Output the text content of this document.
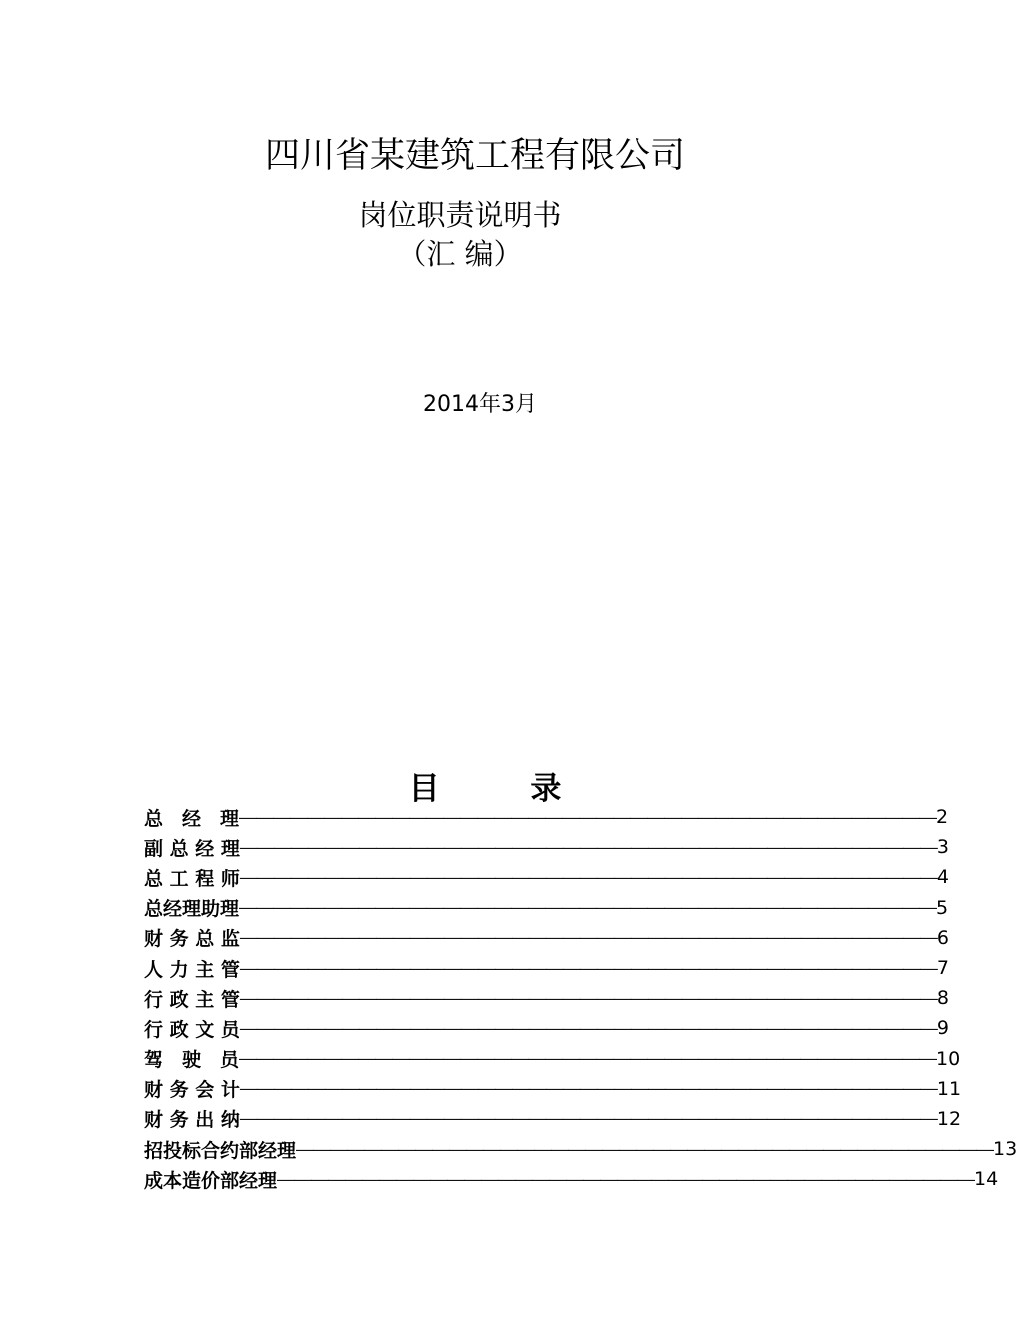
四川省某建筑工程有限公司
岗位职责说明书
（汇 编）
2014年3月
目 录
总　经　理 ――――――――――――――――――――――――――――――――――――――――― 2
副 总 经 理 ――――――――――――――――――――――――――――――――――――――――― 3
总 工 程 师 ――――――――――――――――――――――――――――――――――――――――― 4
总经理助理 ――――――――――――――――――――――――――――――――――――――――― 5
财 务 总 监 ――――――――――――――――――――――――――――――――――――――――― 6
人 力 主 管 ――――――――――――――――――――――――――――――――――――――――― 7
行 政 主 管 ――――――――――――――――――――――――――――――――――――――――― 8
行 政 文 员 ――――――――――――――――――――――――――――――――――――――――― 9
驾　驶　员 ――――――――――――――――――――――――――――――――――――――――― 10
财 务 会 计 ――――――――――――――――――――――――――――――――――――――――― 11
财 务 出 纳 ――――――――――――――――――――――――――――――――――――――――― 12
招投标合约部经理 ――――――――――――――――――――――――――――――――――――――――― 13
成本造价部经理 ――――――――――――――――――――――――――――――――――――――――― 14
